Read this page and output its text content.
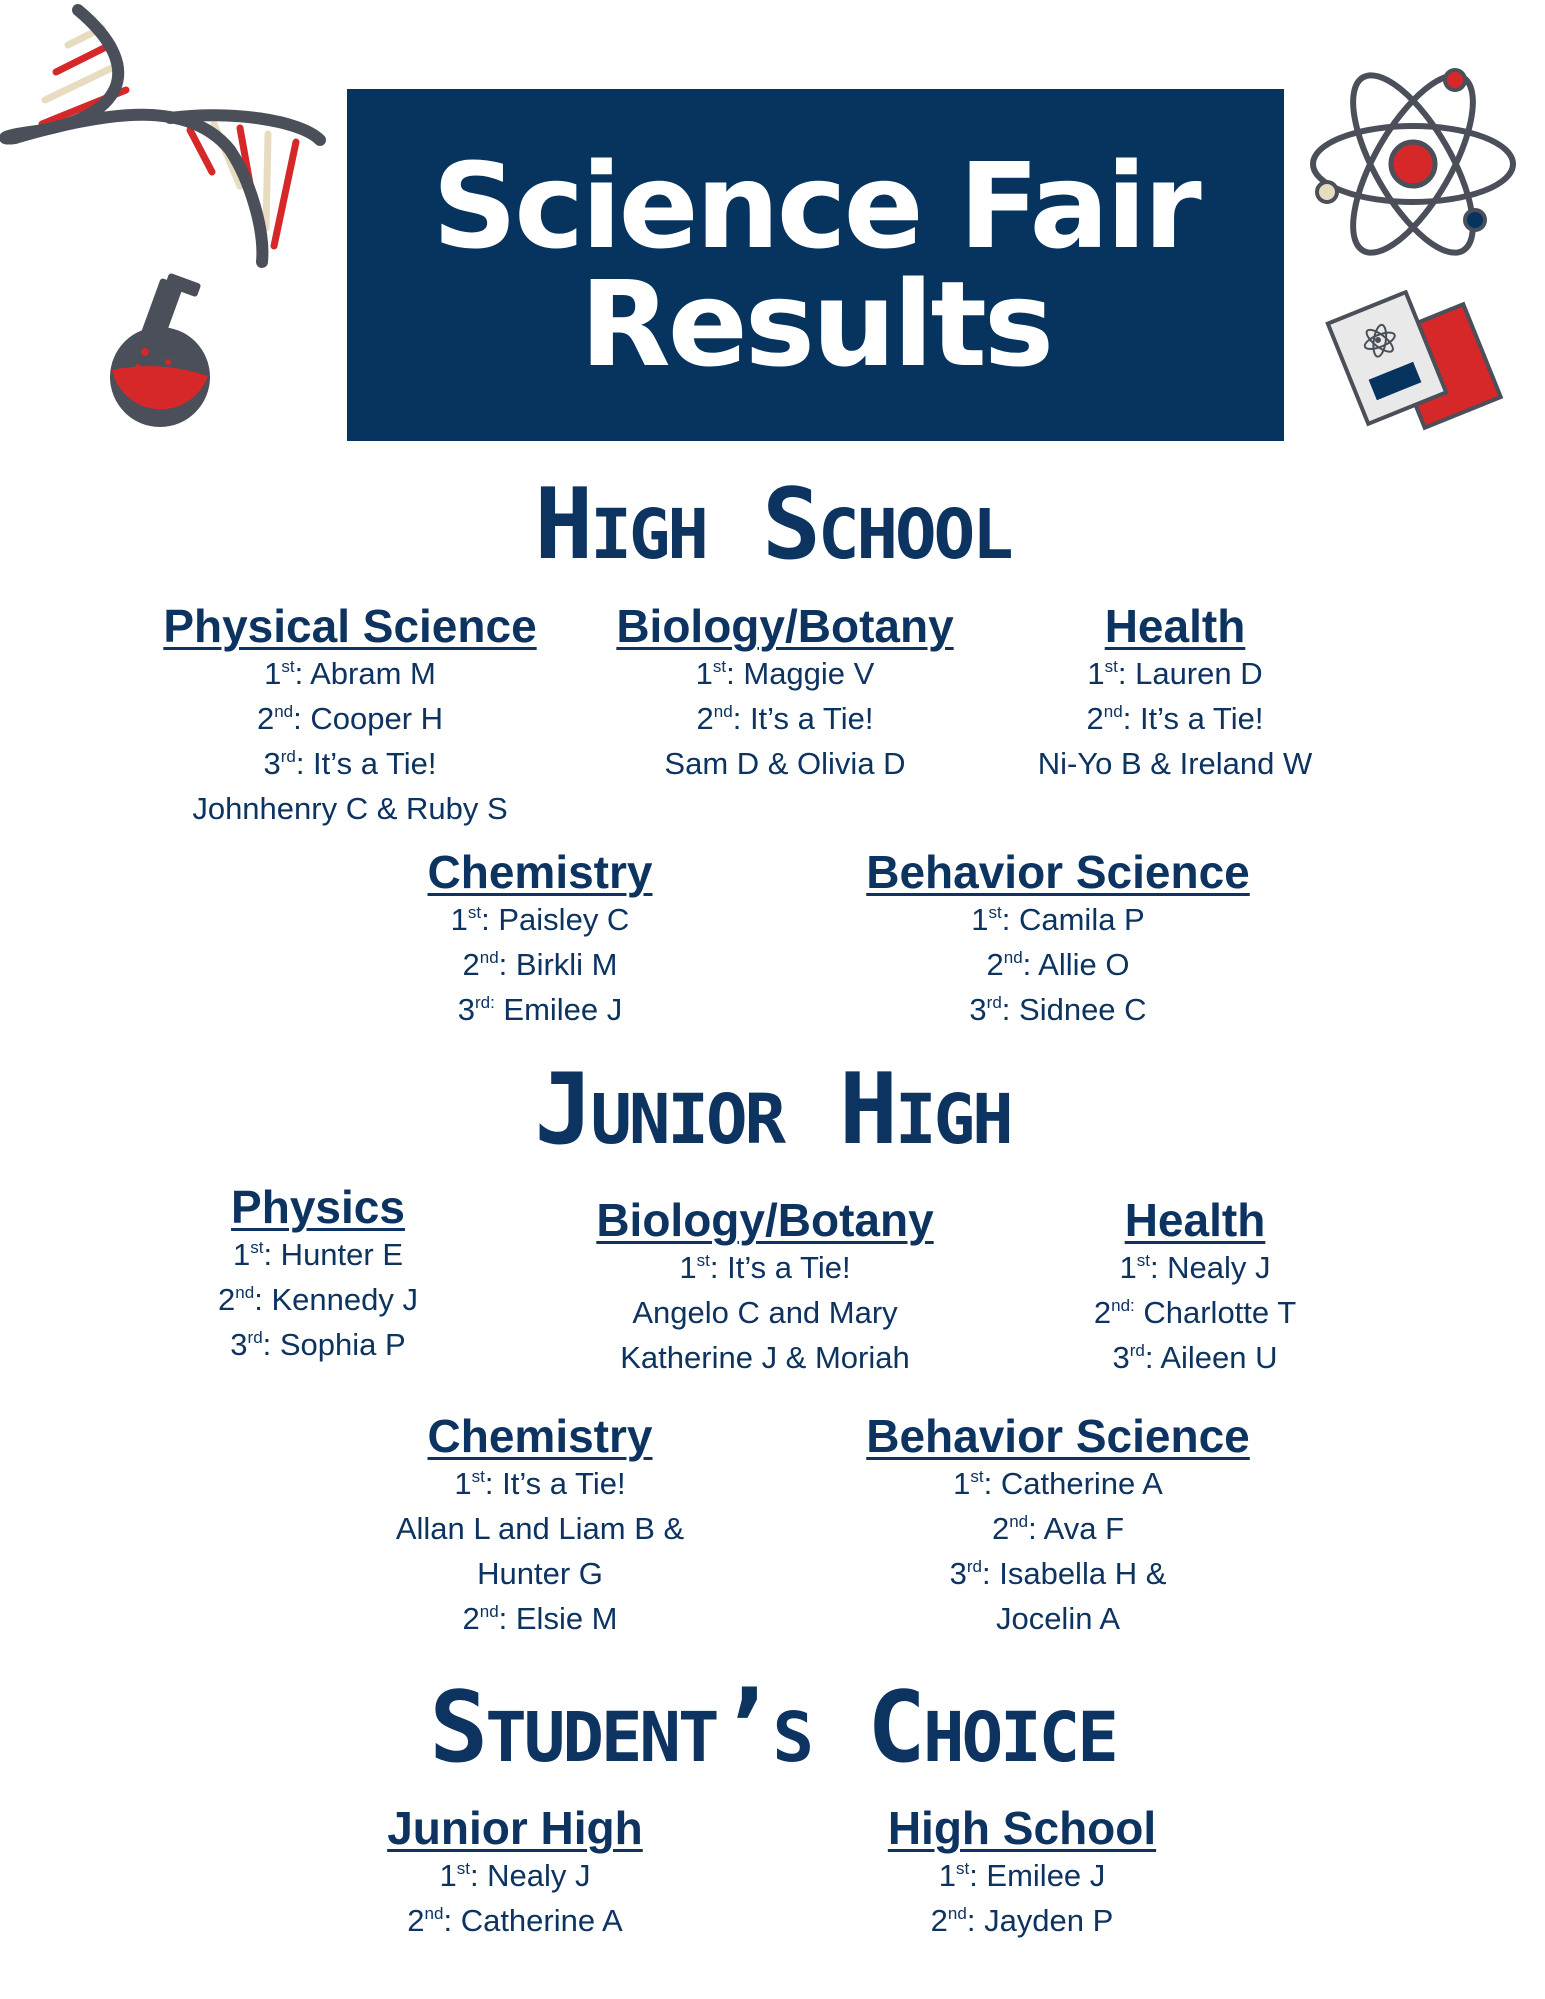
Science Fair
Results
High School
Physical Science
1st: Abram M
2nd: Cooper H
3rd: It’s a Tie!
Johnhenry C & Ruby S
Biology/Botany
1st: Maggie V
2nd: It’s a Tie!
Sam D & Olivia D
Health
1st: Lauren D
2nd: It’s a Tie!
Ni-Yo B & Ireland W
Chemistry
1st: Paisley C
2nd: Birkli M
$3^{rd:}$ Emilee J
Behavior Science
1st: Camila P
2nd: Allie O
3rd: Sidnee C
Junior High
Physics
1st: Hunter E
2nd: Kennedy J
3rd: Sophia P
Biology/Botany
1st: It’s a Tie!
Angelo C and Mary
Katherine J & Moriah
Health
1st: Nealy J
$2^{nd:}$ Charlotte T
3rd: Aileen U
Chemistry
1st: It’s a Tie!
Allan L and Liam B &
Hunter G
2nd: Elsie M
Behavior Science
1st: Catherine A
2nd: Ava F
3rd: Isabella H &
Jocelin A
Student’s Choice
Junior High
1st: Nealy J
2nd: Catherine A
High School
1st: Emilee J
2nd: Jayden P
